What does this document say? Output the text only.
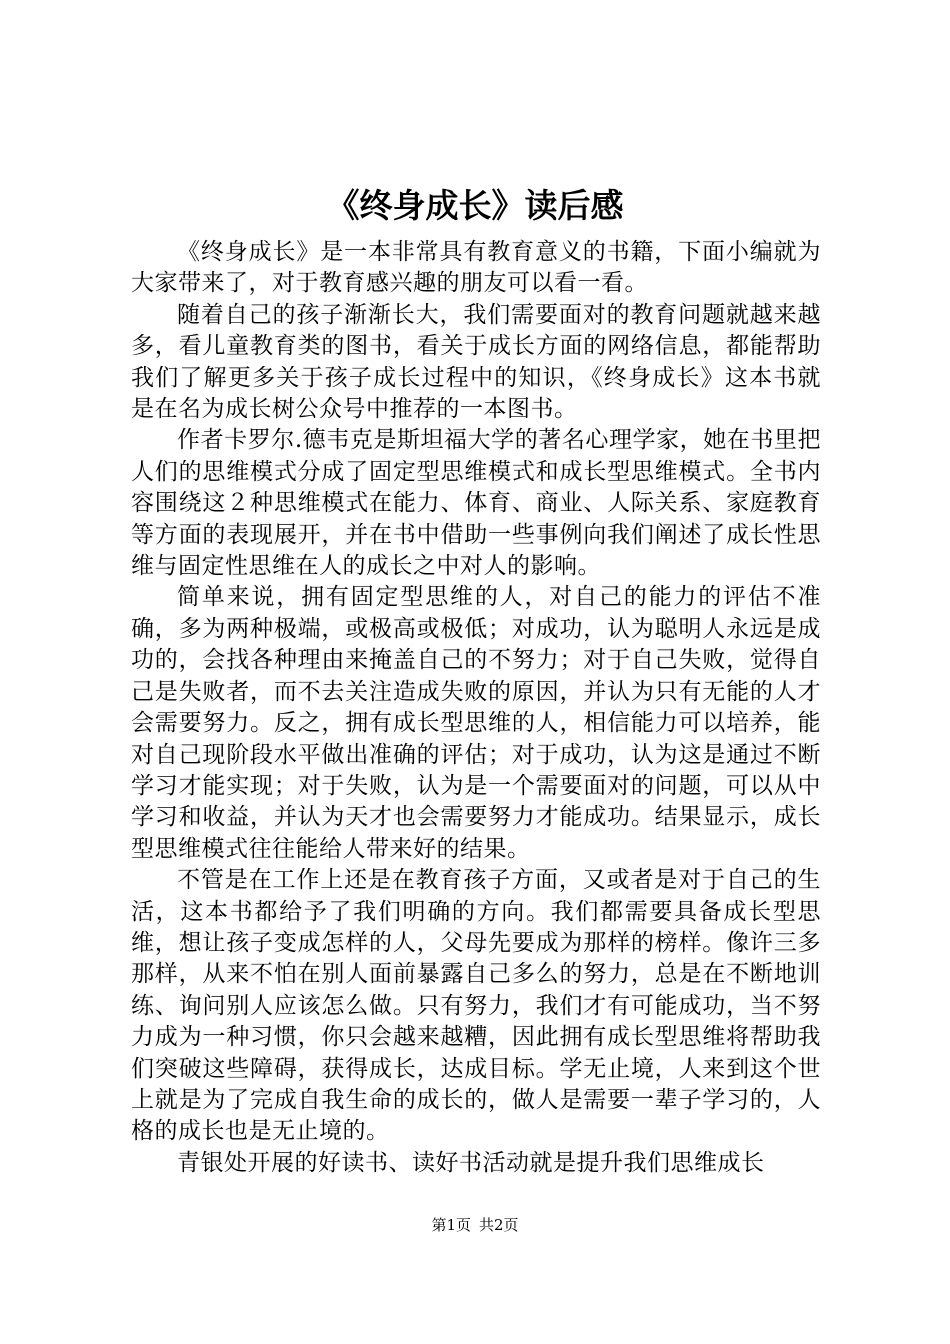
《终身成长》读后感

《终身成长》是一本非常具有教育意义的书籍，下面小编就为大家带来了，对于教育感兴趣的朋友可以看一看。

随着自己的孩子渐渐长大，我们需要面对的教育问题就越来越多，看儿童教育类的图书，看关于成长方面的网络信息，都能帮助我们了解更多关于孩子成长过程中的知识，《终身成长》这本书就是在名为成长树公众号中推荐的一本图书。

作者卡罗尔.德韦克是斯坦福大学的著名心理学家，她在书里把人们的思维模式分成了固定型思维模式和成长型思维模式。全书内容围绕这２种思维模式在能力、体育、商业、人际关系、家庭教育等方面的表现展开，并在书中借助一些事例向我们阐述了成长性思维与固定性思维在人的成长之中对人的影响。

简单来说，拥有固定型思维的人，对自己的能力的评估不准确，多为两种极端，或极高或极低；对成功，认为聪明人永远是成功的，会找各种理由来掩盖自己的不努力；对于自己失败，觉得自己是失败者，而不去关注造成失败的原因，并认为只有无能的人才会需要努力。反之，拥有成长型思维的人，相信能力可以培养，能对自己现阶段水平做出准确的评估；对于成功，认为这是通过不断学习才能实现；对于失败，认为是一个需要面对的问题，可以从中学习和收益，并认为天才也会需要努力才能成功。结果显示，成长型思维模式往往能给人带来好的结果。

不管是在工作上还是在教育孩子方面，又或者是对于自己的生活，这本书都给予了我们明确的方向。我们都需要具备成长型思维，想让孩子变成怎样的人，父母先要成为那样的榜样。像许三多那样，从来不怕在别人面前暴露自己多么的努力，总是在不断地训练、询问别人应该怎么做。只有努力，我们才有可能成功，当不努力成为一种习惯，你只会越来越糟，因此拥有成长型思维将帮助我们突破这些障碍，获得成长，达成目标。学无止境，人来到这个世上就是为了完成自我生命的成长的，做人是需要一辈子学习的，人格的成长也是无止境的。

青银处开展的好读书、读好书活动就是提升我们思维成长

第1页 共2页
